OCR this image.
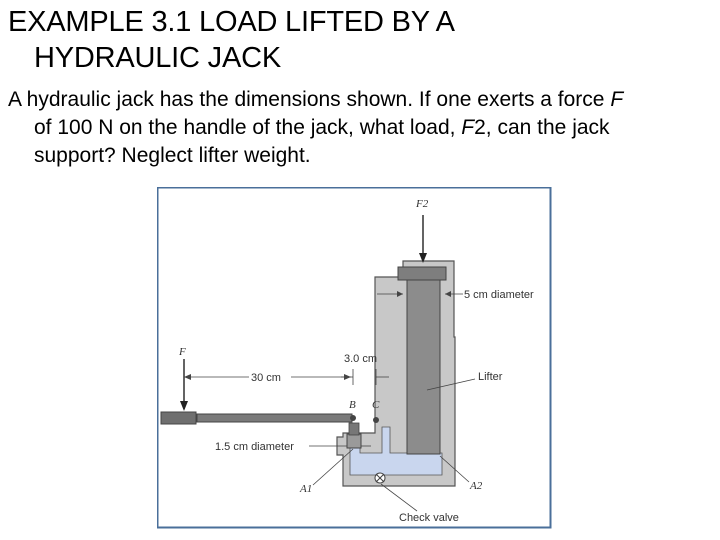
EXAMPLE 3.1 LOAD LIFTED BY A
HYDRAULIC JACK
A hydraulic jack has the dimensions shown. If one exerts a force F
of 100 N on the handle of the jack, what load, F2, can the jack
support? Neglect lifter weight.
F2
F
5 cm diameter
30 cm
3.0 cm
B C
Lifter
1.5 cm diameter
A1	A2
Check valve
